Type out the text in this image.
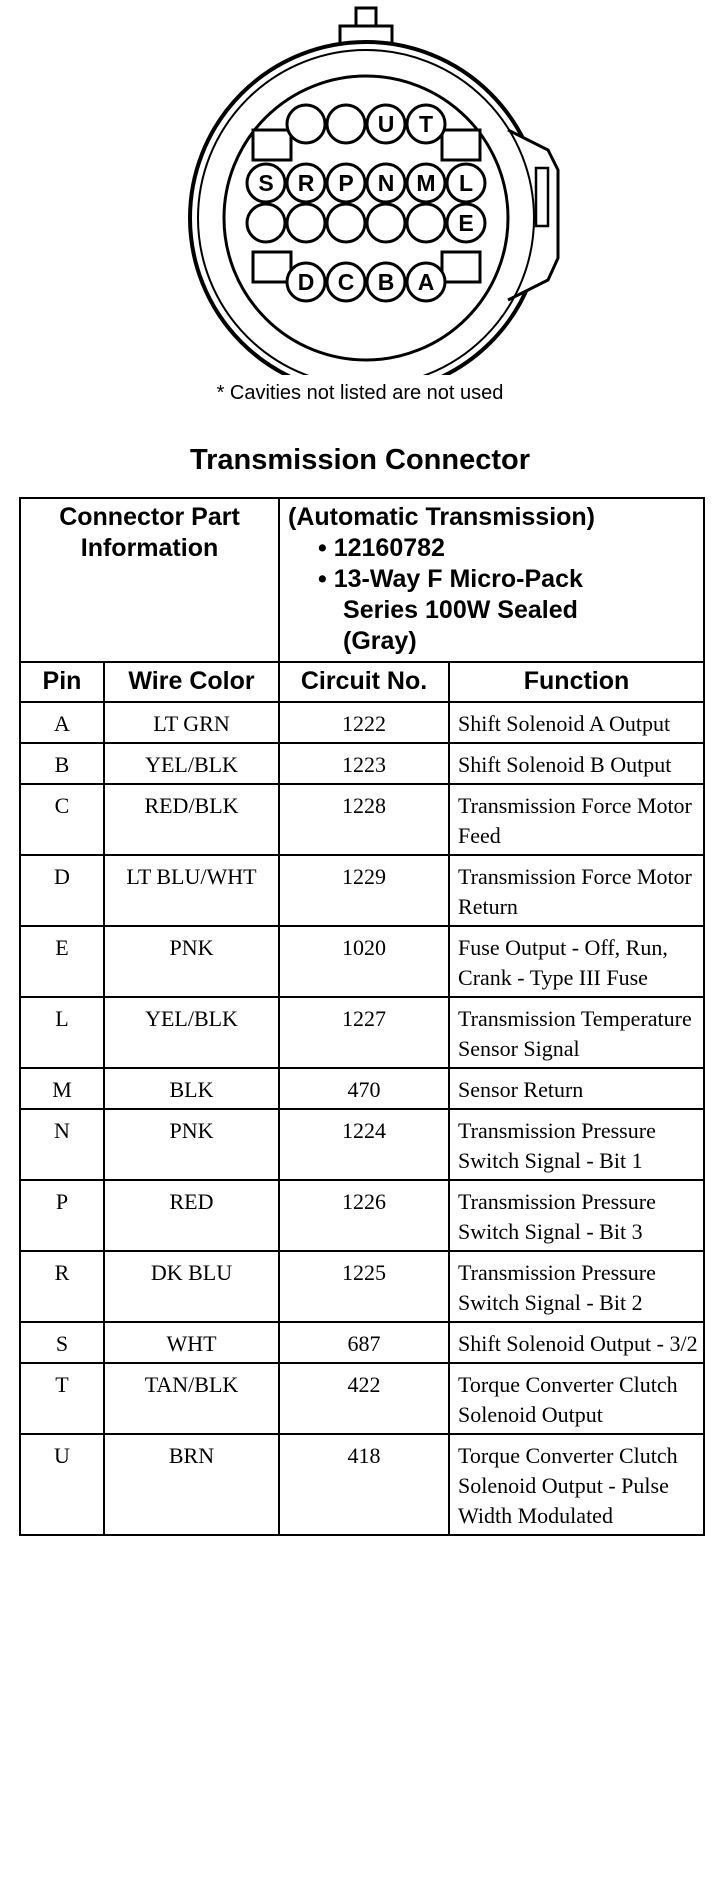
U T
S R P N M L
E
D C B A
* Cavities not listed are not used
Transmission Connector
Connector Part Information		(Automatic Transmission)
• 12160782
• 13-Way F Micro-Pack
Series 100W Sealed
(Gray)	

Pin	Wire Color	Circuit No.	Function
A	LT GRN	1222	Shift Solenoid A Output
B	YEL/BLK	1223	Shift Solenoid B Output
C	RED/BLK	1228	Transmission Force Motor Feed
D	LT BLU/WHT	1229	Transmission Force Motor Return
E	PNK	1020	Fuse Output - Off, Run, Crank - Type III Fuse
L	YEL/BLK	1227	Transmission Temperature Sensor Signal
M	BLK	470	Sensor Return
N	PNK	1224	Transmission Pressure Switch Signal - Bit 1
P	RED	1226	Transmission Pressure Switch Signal - Bit 3
R	DK BLU	1225	Transmission Pressure Switch Signal - Bit 2
S	WHT	687	Shift Solenoid Output - 3/2
T	TAN/BLK	422	Torque Converter Clutch Solenoid Output
U	BRN	418	Torque Converter Clutch Solenoid Output - Pulse Width Modulated
